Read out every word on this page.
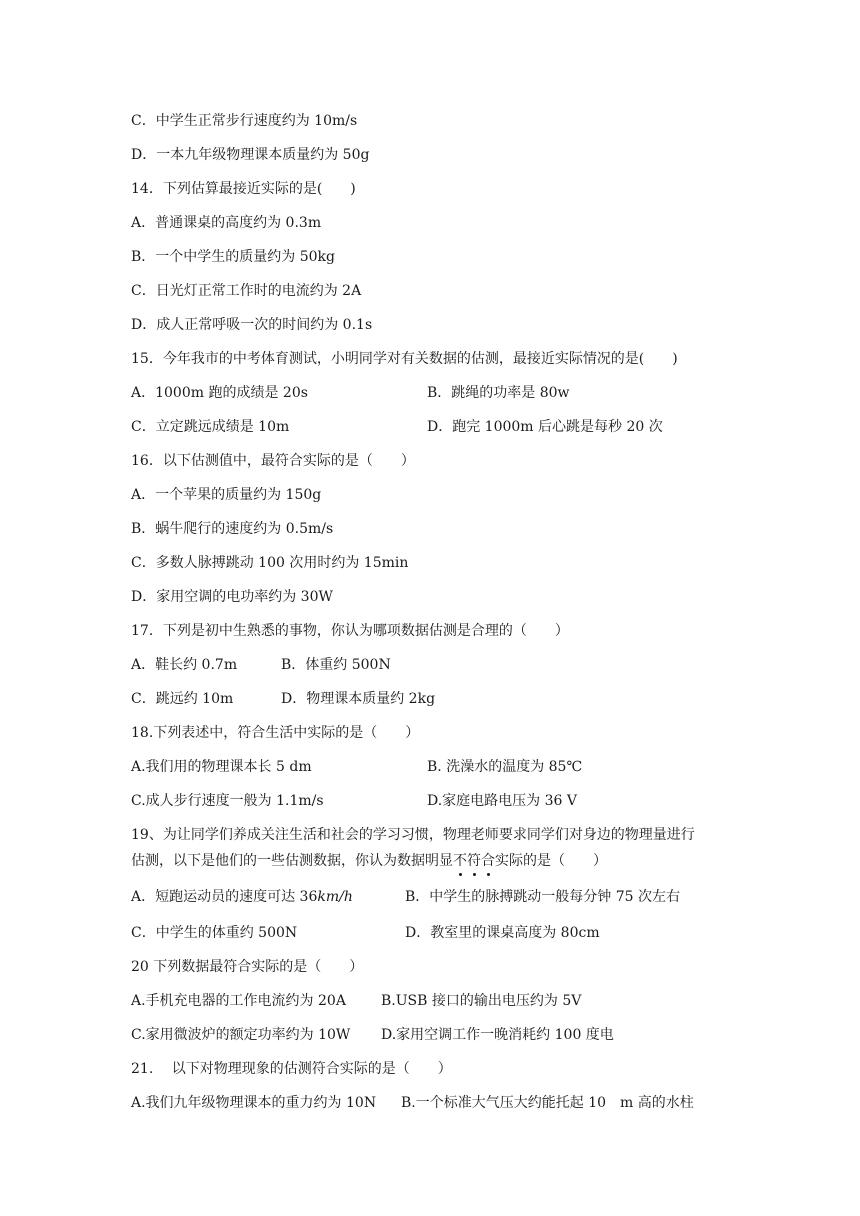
C．中学生正常步行速度约为 10m/s
D．一本九年级物理课本质量约为 50g
14．下列估算最接近实际的是(　　)
A．普通课桌的高度约为 0.3m
B．一个中学生的质量约为 50kg
C．日光灯正常工作时的电流约为 2A
D．成人正常呼吸一次的时间约为 0.1s
15．今年我市的中考体育测试，小明同学对有关数据的估测，最接近实际情况的是(　　)
A．1000m 跑的成绩是 20s	B．跳绳的功率是 80w
C．立定跳远成绩是 10m	D．跑完 1000m 后心跳是每秒 20 次
16．以下估测值中，最符合实际的是（　　）
A．一个苹果的质量约为 150g
B．蜗牛爬行的速度约为 0.5m/s
C．多数人脉搏跳动 100 次用时约为 15min
D．家用空调的电功率约为 30W
17．下列是初中生熟悉的事物，你认为哪项数据估测是合理的（　　）
A．鞋长约 0.7m	B．体重约 500N
C．跳远约 10m	D．物理课本质量约 2kg
18.下列表述中，符合生活中实际的是（　　）
A.我们用的物理课本长 5 dm	B. 洗澡水的温度为 85℃
C.成人步行速度一般为 1.1m/s	D.家庭电路电压为 36 V
19、为让同学们养成关注生活和社会的学习习惯，物理老师要求同学们对身边的物理量进行
估测，以下是他们的一些估测数据，你认为数据明显不符合实际的是（　　）
A．短跑运动员的速度可达 36km/h	B．中学生的脉搏跳动一般每分钟 75 次左右
C．中学生的体重约 500N	D．教室里的课桌高度为 80cm
20 下列数据最符合实际的是（　　）
A.手机充电器的工作电流约为 20A	B.USB 接口的输出电压约为 5V
C.家用微波炉的额定功率约为 10W D.家用空调工作一晚消耗约 100 度电
21.　 以下对物理现象的估测符合实际的是（　　）
A.我们九年级物理课本的重力约为 10N B.一个标准大气压大约能托起 10　m 高的水柱
